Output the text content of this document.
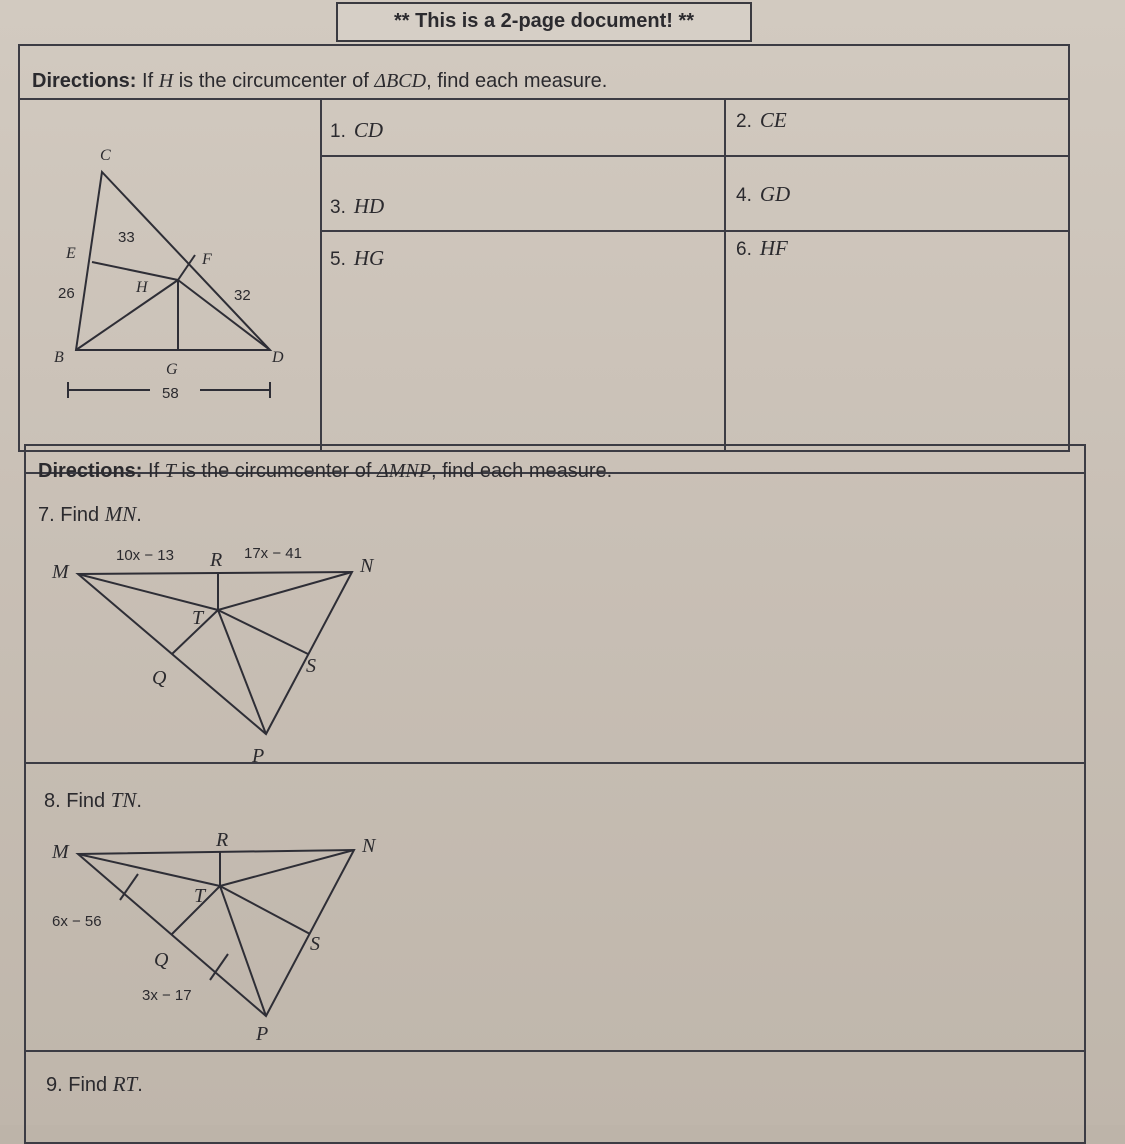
** This is a 2-page document! **
Directions: If H is the circumcenter of ΔBCD, find each measure.
1. CD	2. CE
3. HD	4. GD
5. HG	6. HF
C
E	F
H
B
G
D
33
26	32
58
Directions: If T is the circumcenter of ΔMNP, find each measure.
7. Find MN.
8. Find TN.
9. Find RT.
M
R	N
T
Q
S
P
10x − 13	17x − 41
M
R	N
T
Q
S
P
6x − 56
3x − 17
